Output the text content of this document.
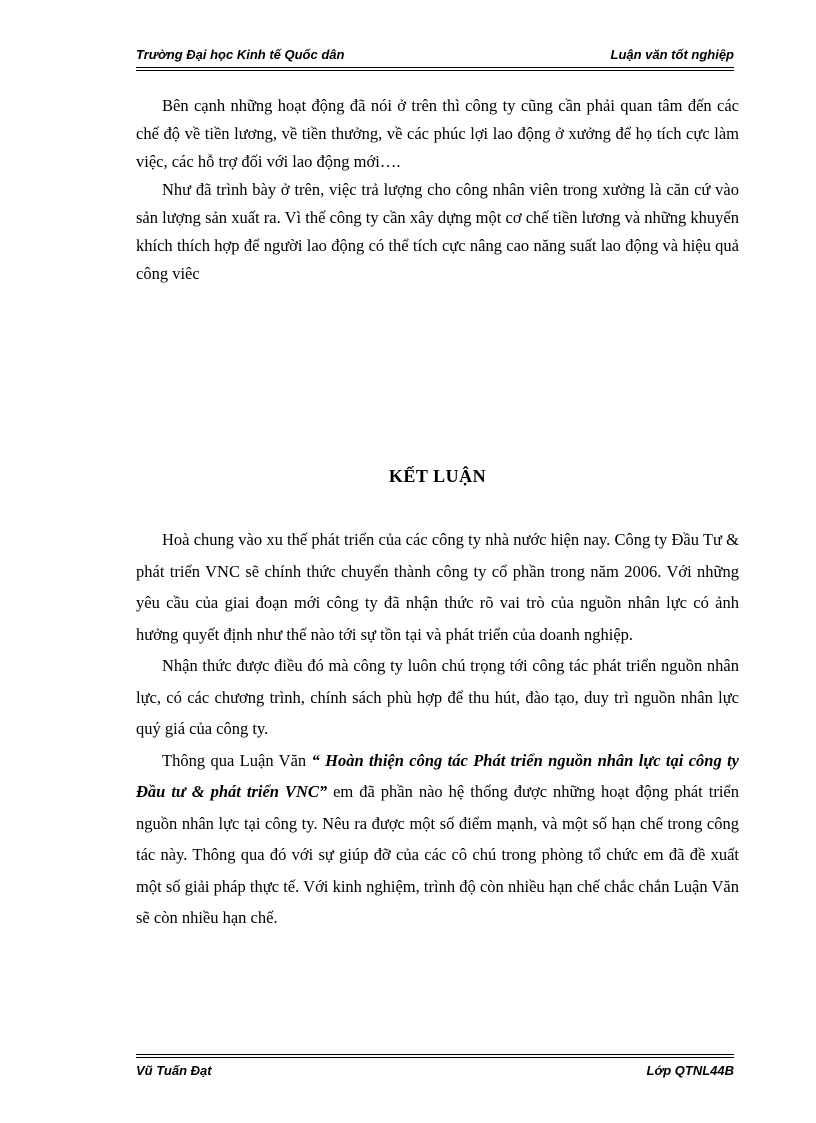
Trường Đại học Kinh tế Quốc dân	Luận văn tốt nghiệp

Bên cạnh những hoạt động đã nói ở trên thì công ty cũng cần phải quan tâm đến các chế độ về tiền lương, về tiền thưởng, về các phúc lợi lao động ở xưởng để họ tích cực làm việc, các hỗ trợ đối với lao động mới….

Như đã trình bày ở trên, việc trả lượng cho công nhân viên trong xưởng là căn cứ vào sản lượng sản xuất ra. Vì thế công ty cần xây dựng một cơ chế tiền lương và những khuyến khích thích hợp để người lao động có thể tích cực nâng cao năng suất lao động và hiệu quả công viêc

KẾT LUẬN

Hoà chung vào xu thế phát triển của các công ty nhà nước hiện nay. Công ty Đầu Tư & phát triển VNC sẽ chính thức chuyển thành công ty cổ phần trong năm 2006. Với những yêu cầu của giai đoạn mới công ty đã nhận thức rõ vai trò của nguồn nhân lực có ảnh hưởng quyết định như thế nào tới sự tồn tại và phát triển của doanh nghiệp.

Nhận thức được điều đó mà công ty luôn chú trọng tới công tác phát triển nguồn nhân lực, có các chương trình, chính sách phù hợp để thu hút, đào tạo, duy trì nguồn nhân lực quý giá của công ty.

Thông qua Luận Văn “ Hoàn thiện công tác Phát triển nguồn nhân lực tại công ty Đầu tư & phát triển VNC” em đã phần nào hệ thống được những hoạt động phát triển nguồn nhân lực tại công ty. Nêu ra được một số điểm mạnh, và một số hạn chế trong công tác này. Thông qua đó với sự giúp đỡ của các cô chú trong phòng tổ chức em đã đề xuất một số giải pháp thực tế. Với kinh nghiệm, trình độ còn nhiều hạn chế chắc chắn Luận Văn sẽ còn nhiều hạn chế.

Vũ Tuấn Đạt	Lớp QTNL44B
